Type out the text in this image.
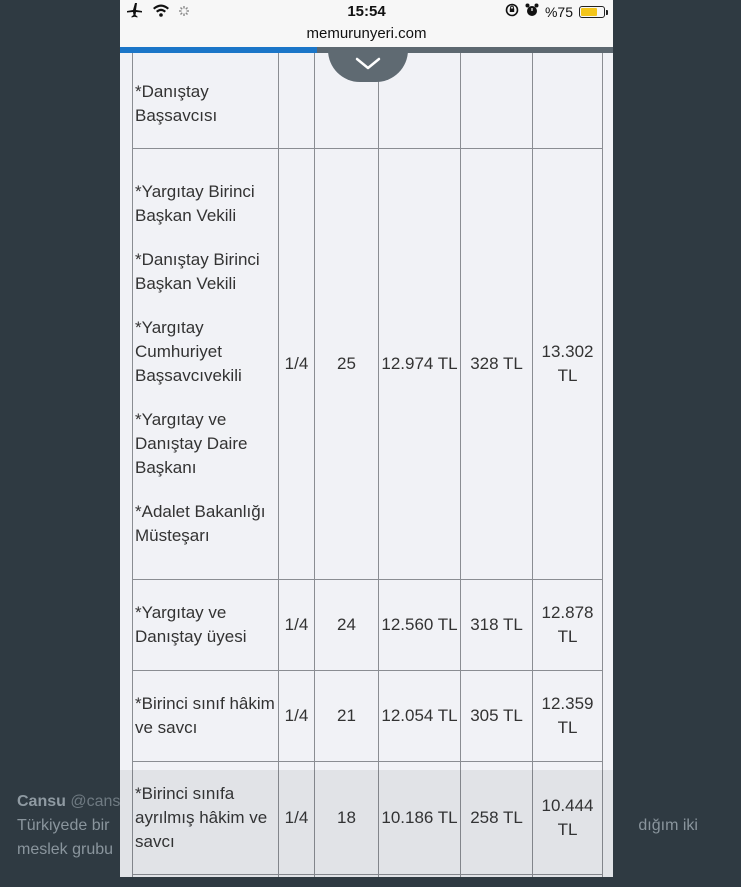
Cansu @cans
Türkiyede bir	dığım iki
meslek grubu
15:54	%75
memurunyeri.com

*Danıştay Başsavcısı					

*Yargıtay Birinci Başkan Vekili

*Danıştay Birinci Başkan Vekili

*Yargıtay Cumhuriyet Başsavcıvekili

*Yargıtay ve Danıştay Daire Başkanı

*Adalet Bakanlığı Müsteşarı	1/4	25	12.974 TL	328 TL	13.302 TL

*Yargıtay ve Danıştay üyesi	1/4	24	12.560 TL	318 TL	12.878 TL

*Birinci sınıf hâkim ve savcı	1/4	21	12.054 TL	305 TL	12.359 TL

*Birinci sınıfa ayrılmış hâkim ve savcı	1/4	18	10.186 TL	258 TL	10.444 TL
